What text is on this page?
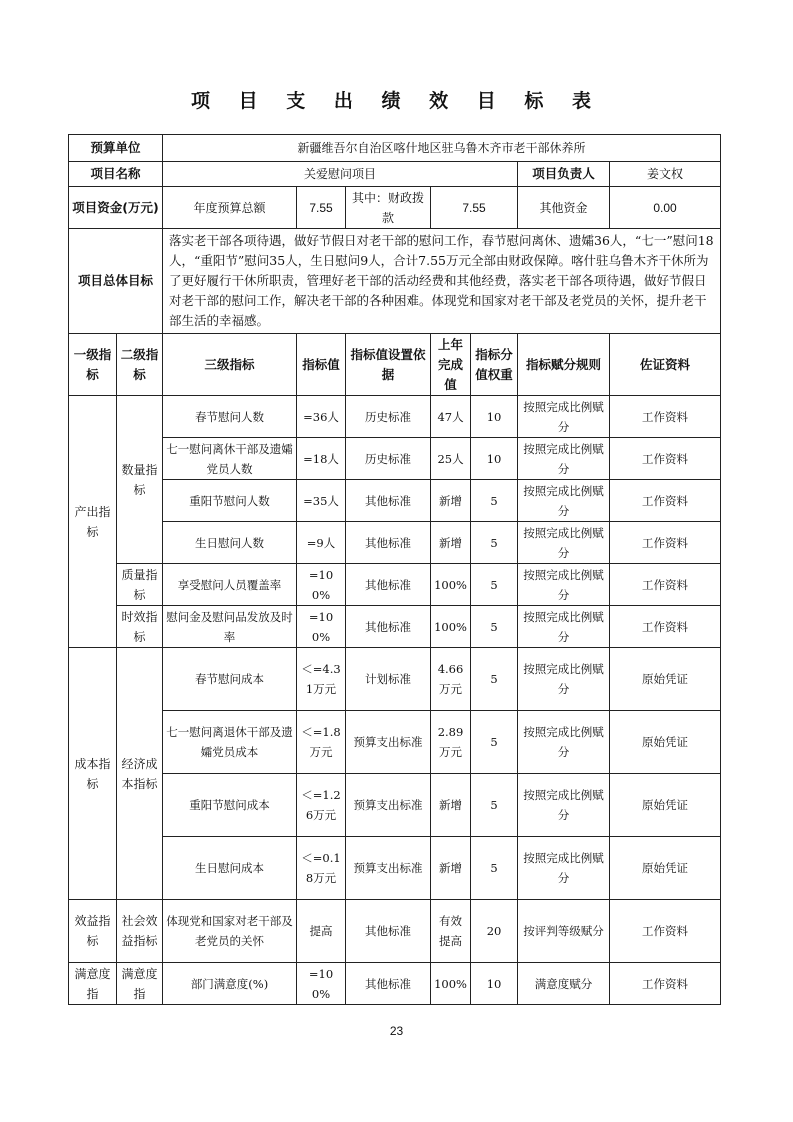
项 目 支 出 绩 效 目 标 表
预算单位		新疆维吾尔自治区喀什地区驻乌鲁木齐市老干部休养所						
项目名称		关爱慰问项目					项目负责人	姜文权
项目资金(万元)		年度预算总额	7.55	其中：财政拨款	7.55		其他资金	0.00
项目总体目标		落实老干部各项待遇，做好节假日对老干部的慰问工作，春节慰问离休、遗孀36人，“七一”慰问18人，“重阳节”慰问35人，生日慰问9人，合计7.55万元全部由财政保障。喀什驻乌鲁木齐干休所为了更好履行干休所职责，管理好老干部的活动经费和其他经费，落实老干部各项待遇，做好节假日对老干部的慰问工作，解决老干部的各种困难。体现党和国家对老干部及老党员的关怀，提升老干部生活的幸福感。						
一级指标	二级指标	三级指标	指标值	指标值设置依据	上年完成值	指标分值权重	指标赋分规则	佐证资料
产出指标	数量指标	春节慰问人数	=36人	历史标准	47人	10	按照完成比例赋分	工作资料
		七一慰问离休干部及遗孀党员人数	=18人	历史标准	25人	10	按照完成比例赋分	工作资料
		重阳节慰问人数	=35人	其他标准	新增	5	按照完成比例赋分	工作资料
		生日慰问人数	=9人	其他标准	新增	5	按照完成比例赋分	工作资料
	质量指标	享受慰问人员覆盖率	=100%	其他标准	100%	5	按照完成比例赋分	工作资料
	时效指标	慰问金及慰问品发放及时率	=100%	其他标准	100%	5	按照完成比例赋分	工作资料
成本指标	经济成本指标	春节慰问成本	＜=4.31万元	计划标准	4.66万元	5	按照完成比例赋分	原始凭证
		七一慰问离退休干部及遗孀党员成本	＜=1.8万元	预算支出标准	2.89万元	5	按照完成比例赋分	原始凭证
		重阳节慰问成本	＜=1.26万元	预算支出标准	新增	5	按照完成比例赋分	原始凭证
		生日慰问成本	＜=0.18万元	预算支出标准	新增	5	按照完成比例赋分	原始凭证
效益指标	社会效益指标	体现党和国家对老干部及老党员的关怀	提高	其他标准	有效提高	20	按评判等级赋分	工作资料
满意度指	满意度指	部门满意度(%)	=100%	其他标准	100%	10	满意度赋分	工作资料
23
